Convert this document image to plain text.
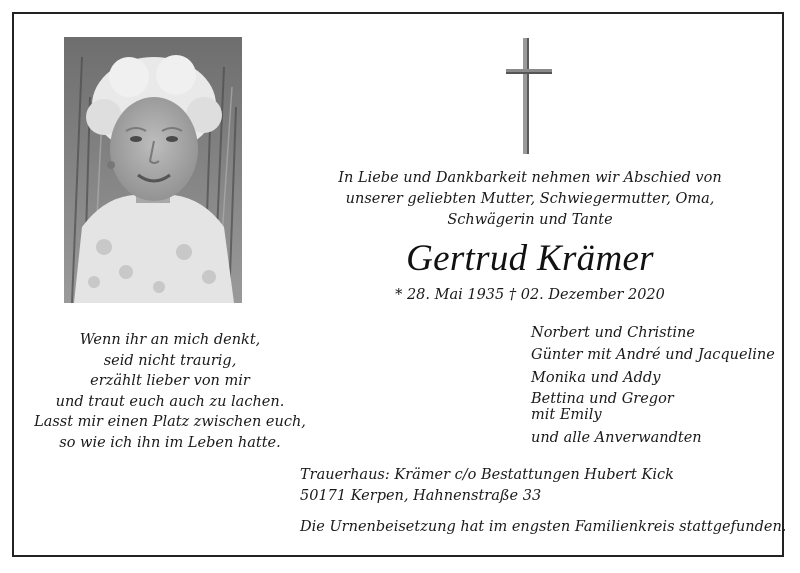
In Liebe und Dankbarkeit nehmen wir Abschied von
unserer geliebten Mutter, Schwiegermutter, Oma,
Schwägerin und Tante
Gertrud Krämer
* 28. Mai 1935 † 02. Dezember 2020
Wenn ihr an mich denkt,
seid nicht traurig,
erzählt lieber von mir
und traut euch auch zu lachen.
Lasst mir einen Platz zwischen euch,
so wie ich ihn im Leben hatte.
Norbert und Christine
Günter mit André und Jacqueline
Monika und Addy
Bettina und Gregor
mit Emily
und alle Anverwandten
Trauerhaus: Krämer c/o Bestattungen Hubert Kick
50171 Kerpen, Hahnenstraße 33
Die Urnenbeisetzung hat im engsten Familienkreis stattgefunden.
